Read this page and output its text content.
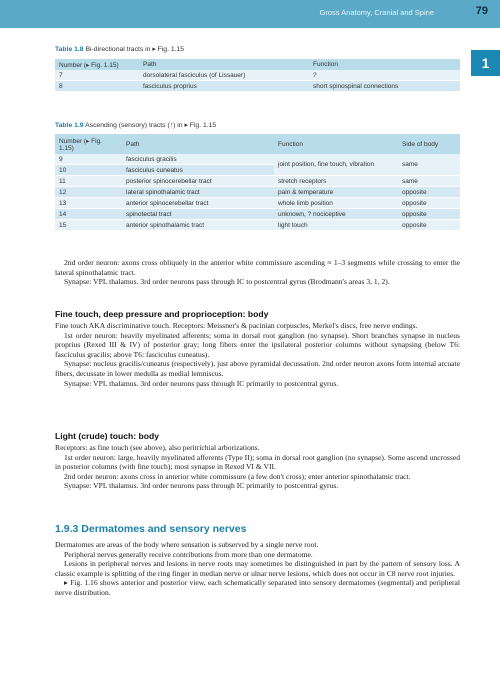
Gross Anatomy, Cranial and Spine	79
1
Table 1.8 Bi-directional tracts in ▸ Fig. 1.15
Number (▸ Fig. 1.15)	Path	Function
7	dorsolateral fasciculus (of Lissauer)	?
8	fasciculus proprius	short spinospinal connections
Table 1.9 Ascending (sensory) tracts (↑) in ▸ Fig. 1.15
Number (▸ Fig. 1.15)	Path	Function	Side of body
9	fasciculus gracilis	joint position, fine touch, vibration	same
10	fasciculus cuneatus		
11	posterior spinocerebellar tract	stretch receptors	same
12	lateral spinothalamic tract	pain & temperature	opposite
13	anterior spinocerebellar tract	whole limb position	opposite
14	spinotectal tract	unknown, ? nociceptive	opposite
15	anterior spinothalamic tract	light touch	opposite

2nd order neuron: axons cross obliquely in the anterior white commissure ascending ≈ 1–3 segments while crossing to enter the lateral spinothalamic tract.

Synapse: VPL thalamus. 3rd order neurons pass through IC to postcentral gyrus (Brodmann's areas 3, 1, 2).

Fine touch, deep pressure and proprioception: body

Fine touch AKA discriminative touch. Receptors: Meissner's & pacinian corpuscles, Merkel's discs, free nerve endings.

1st order neuron: heavily myelinated afferents; soma in dorsal root ganglion (no synapse). Short branches synapse in nucleus proprius (Rexed III & IV) of posterior gray; long fibers enter the ipsilateral posterior columns without synapsing (below T6: fasciculus gracilis; above T6: fasciculus cuneatus).

Synapse: nucleus gracilis/cuneatus (respectively), just above pyramidal decussation. 2nd order neuron axons form internal arcuate fibers, decussate in lower medulla as medial lemniscus.

Synapse: VPL thalamus. 3rd order neurons pass through IC primarily to postcentral gyrus.

Light (crude) touch: body

Receptors: as fine touch (see above), also peritrichial arborizations.

1st order neuron: large, heavily myelinated afferents (Type II); soma in dorsal root ganglion (no synapse). Some ascend uncrossed in posterior columns (with fine touch); most synapse in Rexed VI & VII.

2nd order neuron: axons cross in anterior white commissure (a few don't cross); enter anterior spinothalamic tract.

Synapse: VPL thalamus. 3rd order neurons pass through IC primarily to postcentral gyrus.

1.9.3 Dermatomes and sensory nerves

Dermatomes are areas of the body where sensation is subserved by a single nerve root.

Peripheral nerves generally receive contributions from more than one dermatome.

Lesions in peripheral nerves and lesions in nerve roots may sometimes be distinguished in part by the pattern of sensory loss. A classic example is splitting of the ring finger in median nerve or ulnar nerve lesions, which does not occur in C8 nerve root injuries.

▸ Fig. 1.16 shows anterior and posterior view, each schematically separated into sensory dermatomes (segmental) and peripheral nerve distribution.
